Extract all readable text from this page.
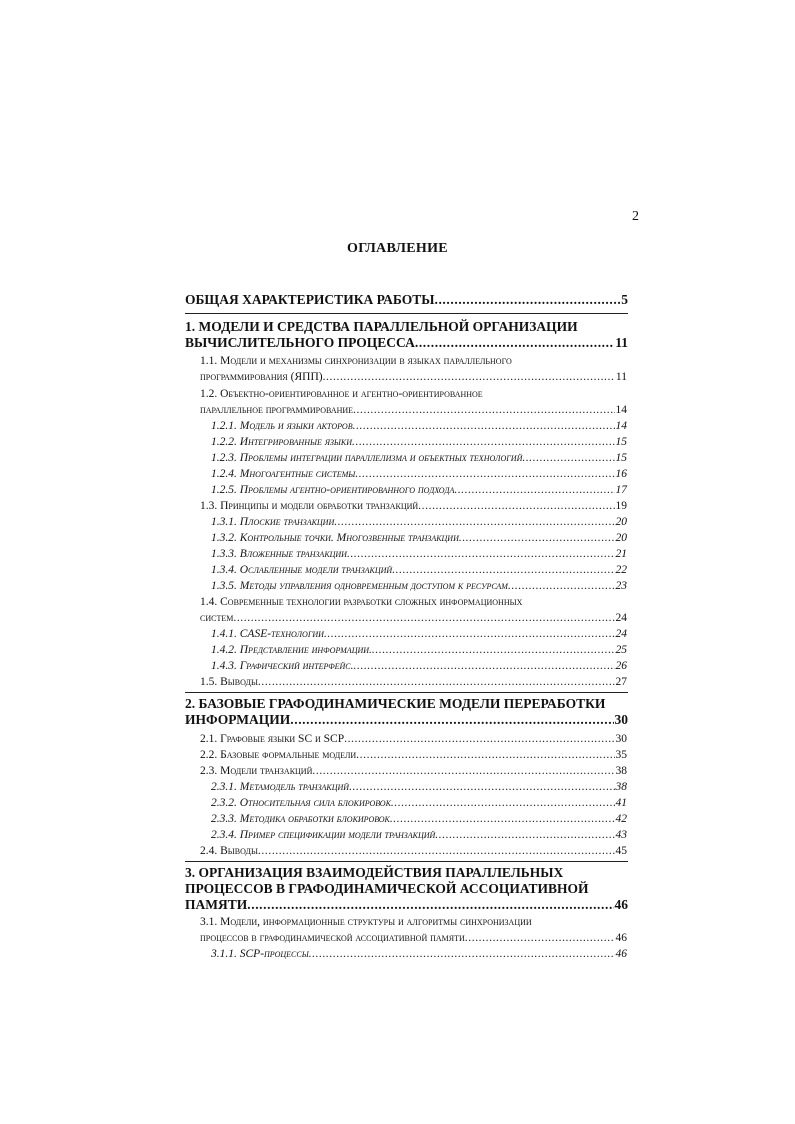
2
ОГЛАВЛЕНИЕ
ОБЩАЯ ХАРАКТЕРИСТИКА РАБОТЫ .....	5
1. МОДЕЛИ И СРЕДСТВА ПАРАЛЛЕЛЬНОЙ ОРГАНИЗАЦИИ
ВЫЧИСЛИТЕЛЬНОГО ПРОЦЕССА .....	11
1.1. Модели и механизмы синхронизации в языках параллельного
программирования (ЯПП) .....	11
1.2. Объектно-ориентированное и агентно-ориентированное
параллельное программирование .....	14
1.2.1. Модель и языки акторов .....	14
1.2.2. Интегрированные языки .....	15
1.2.3. Проблемы интеграции параллелизма и объектных технологий .....	15
1.2.4. Многоагентные системы .....	16
1.2.5. Проблемы агентно-ориентированного подхода .....	17
1.3. Принципы и модели обработки транзакций .....	19
1.3.1. Плоские транзакции .....	20
1.3.2. Контрольные точки. Многозвенные транзакции .....	20
1.3.3. Вложенные транзакции .....	21
1.3.4. Ослабленные модели транзакций .....	22
1.3.5. Методы управления одновременным доступом к ресурсам .....	23
1.4. Современные технологии разработки сложных информационных
систем .....	24
1.4.1. CASE-технологии .....	24
1.4.2. Представление информации. .....	25
1.4.3. Графический интерфейс. .....	26
1.5. Выводы .....	27
2. БАЗОВЫЕ ГРАФОДИНАМИЧЕСКИЕ МОДЕЛИ ПЕРЕРАБОТКИ
ИНФОРМАЦИИ .....	30
2.1. Графовые языки SC и SCP .....	30
2.2. Базовые формальные модели .....	35
2.3. Модели транзакций .....	38
2.3.1. Метамодель транзакций .....	38
2.3.2. Относительная сила блокировок .....	41
2.3.3. Методика обработки блокировок .....	42
2.3.4. Пример спецификации модели транзакций .....	43
2.4. Выводы .....	45
3. ОРГАНИЗАЦИЯ ВЗАИМОДЕЙСТВИЯ ПАРАЛЛЕЛЬНЫХ
ПРОЦЕССОВ В ГРАФОДИНАМИЧЕСКОЙ АССОЦИАТИВНОЙ
ПАМЯТИ .....	46
3.1. Модели, информационные структуры и алгоритмы синхронизации
процессов в графодинамической ассоциативной памяти .....	46
3.1.1. SCP-процессы .....	46
